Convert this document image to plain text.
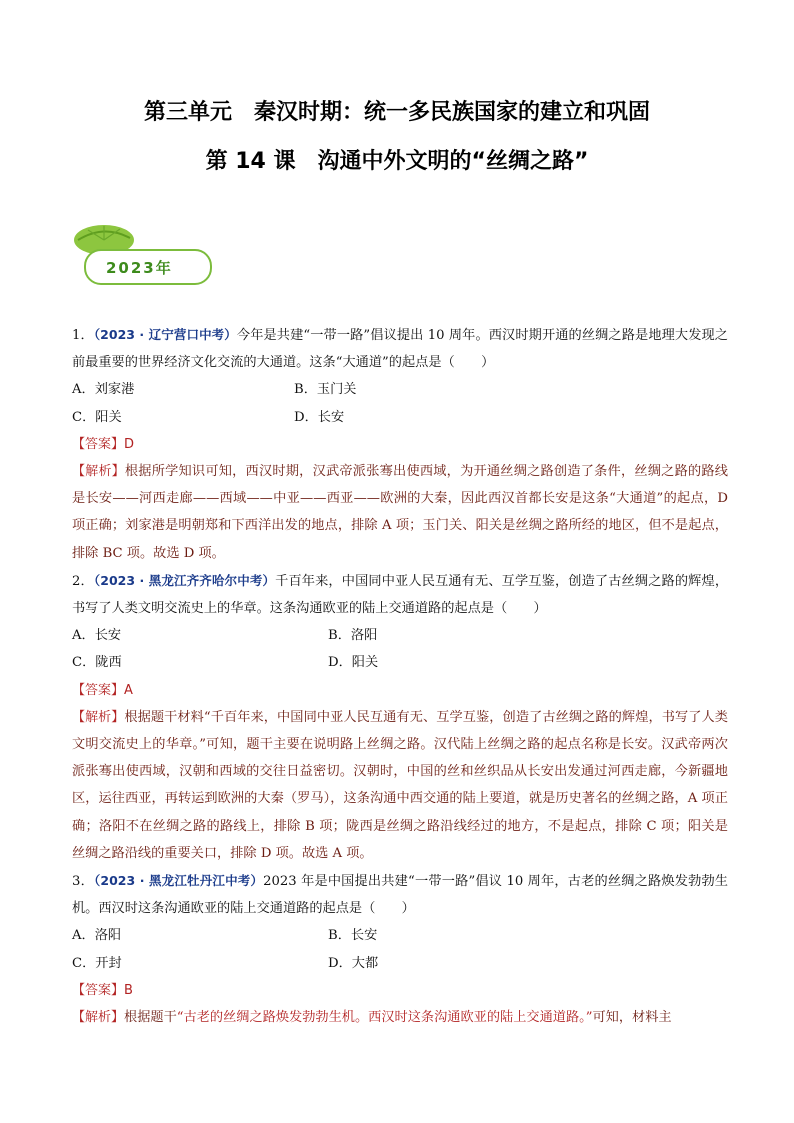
第三单元　秦汉时期：统一多民族国家的建立和巩固
第 14 课　沟通中外文明的“丝绸之路”
2023年

1．（2023 · 辽宁营口中考）今年是共建“一带一路”倡议提出 10 周年。西汉时期开通的丝绸之路是地理大发现之前最重要的世界经济文化交流的大通道。这条“大通道”的起点是（　　）

A．刘家港	B．玉门关
C．阳关	D．长安

【答案】D

【解析】根据所学知识可知，西汉时期，汉武帝派张骞出使西域，为开通丝绸之路创造了条件，丝绸之路的路线是长安——河西走廊——西域——中亚——西亚——欧洲的大秦，因此西汉首都长安是这条“大通道”的起点，D 项正确；刘家港是明朝郑和下西洋出发的地点，排除 A 项；玉门关、阳关是丝绸之路所经的地区，但不是起点，排除 BC 项。故选 D 项。

2．（2023 · 黑龙江齐齐哈尔中考）千百年来，中国同中亚人民互通有无、互学互鉴，创造了古丝绸之路的辉煌，书写了人类文明交流史上的华章。这条沟通欧亚的陆上交通道路的起点是（　　）

A．长安	B．洛阳
C．陇西	D．阳关

【答案】A

【解析】根据题干材料“千百年来，中国同中亚人民互通有无、互学互鉴，创造了古丝绸之路的辉煌，书写了人类文明交流史上的华章。”可知，题干主要在说明路上丝绸之路。汉代陆上丝绸之路的起点名称是长安。汉武帝两次派张骞出使西域，汉朝和西域的交往日益密切。汉朝时，中国的丝和丝织品从长安出发通过河西走廊，今新疆地区，运往西亚，再转运到欧洲的大秦（罗马），这条沟通中西交通的陆上要道，就是历史著名的丝绸之路，A 项正确；洛阳不在丝绸之路的路线上，排除 B 项；陇西是丝绸之路沿线经过的地方，不是起点，排除 C 项；阳关是丝绸之路沿线的重要关口，排除 D 项。故选 A 项。

3．（2023 · 黑龙江牡丹江中考）2023 年是中国提出共建“一带一路”倡议 10 周年，古老的丝绸之路焕发勃勃生机。西汉时这条沟通欧亚的陆上交通道路的起点是（　　）

A．洛阳	B．长安
C．开封	D．大都

【答案】B

【解析】根据题干“古老的丝绸之路焕发勃勃生机。西汉时这条沟通欧亚的陆上交通道路。”可知，材料主
